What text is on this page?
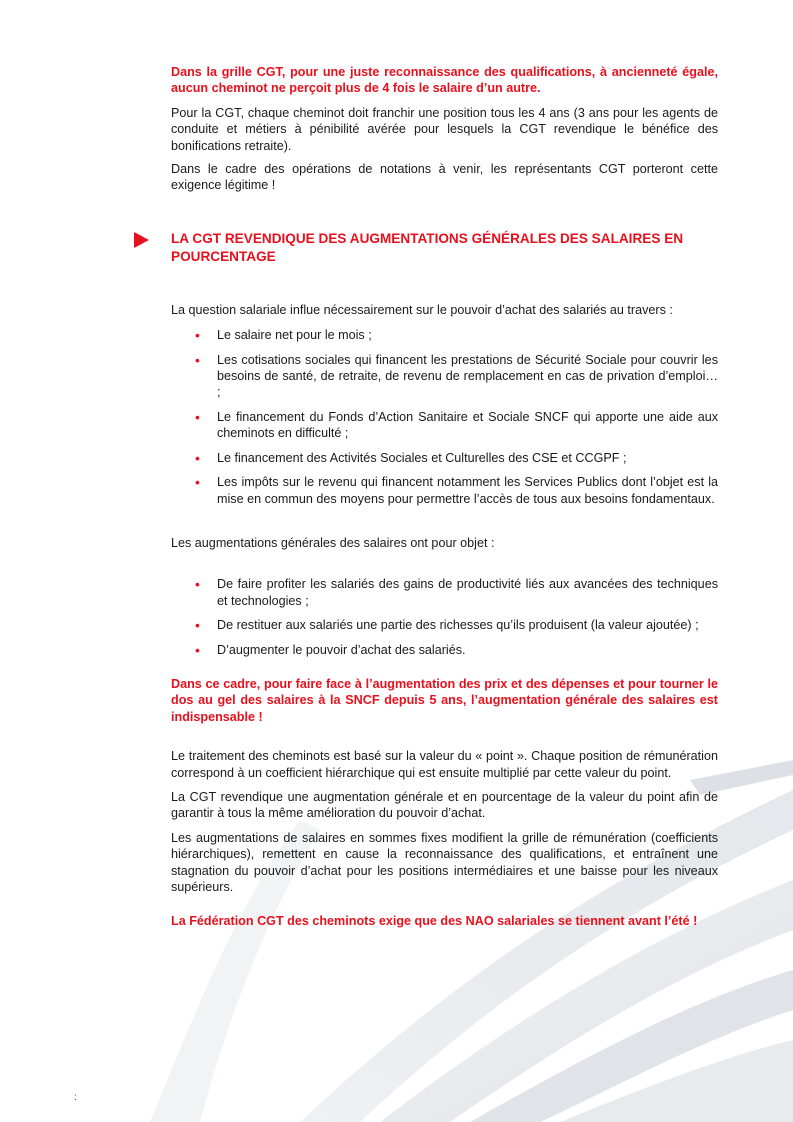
Dans la grille CGT, pour une juste reconnaissance des qualifications, à ancienneté égale, aucun cheminot ne perçoit plus de 4 fois le salaire d’un autre.

Pour la CGT, chaque cheminot doit franchir une position tous les 4 ans (3 ans pour les agents de conduite et métiers à pénibilité avérée pour lesquels la CGT revendique le bénéfice des bonifications retraite).

Dans le cadre des opérations de notations à venir, les représentants CGT porteront cette exigence légitime !

LA CGT REVENDIQUE DES AUGMENTATIONS GÉNÉRALES DES SALAIRES EN POURCENTAGE

La question salariale influe nécessairement sur le pouvoir d’achat des salariés au travers :

• Le salaire net pour le mois ;
• Les cotisations sociales qui financent les prestations de Sécurité Sociale pour couvrir les besoins de santé, de retraite, de revenu de remplacement en cas de privation d’emploi… ;
• Le financement du Fonds d’Action Sanitaire et Sociale SNCF qui apporte une aide aux cheminots en difficulté ;
• Le financement des Activités Sociales et Culturelles des CSE et CCGPF ;
• Les impôts sur le revenu qui financent notamment les Services Publics dont l’objet est la mise en commun des moyens pour permettre l’accès de tous aux besoins fondamentaux.

Les augmentations générales des salaires ont pour objet :

• De faire profiter les salariés des gains de productivité liés aux avancées des techniques et technologies ;
• De restituer aux salariés une partie des richesses qu’ils produisent (la valeur ajoutée) ;
• D’augmenter le pouvoir d’achat des salariés.

Dans ce cadre, pour faire face à l’augmentation des prix et des dépenses et pour tourner le dos au gel des salaires à la SNCF depuis 5 ans, l’augmentation générale des salaires est indispensable !

Le traitement des cheminots est basé sur la valeur du « point ». Chaque position de rémunération correspond à un coefficient hiérarchique qui est ensuite multiplié par cette valeur du point.

La CGT revendique une augmentation générale et en pourcentage de la valeur du point afin de garantir à tous la même amélioration du pouvoir d’achat.

Les augmentations de salaires en sommes fixes modifient la grille de rémunération (coefficients hiérarchiques), remettent en cause la reconnaissance des qualifications, et entraînent une stagnation du pouvoir d’achat pour les positions intermédiaires et une baisse pour les niveaux supérieurs.

La Fédération CGT des cheminots exige que des NAO salariales se tiennent avant l’été !

:
